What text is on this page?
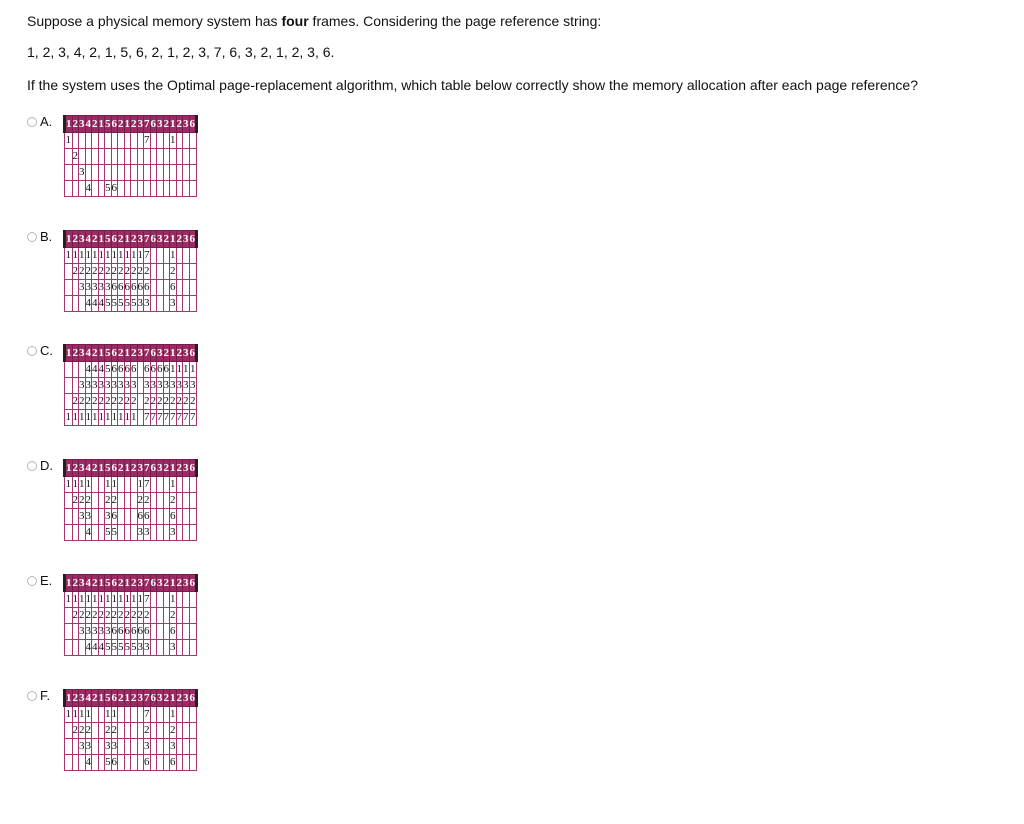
Suppose a physical memory system has four frames. Considering the page reference string:
1, 2, 3, 4, 2, 1, 5, 6, 2, 1, 2, 3, 7, 6, 3, 2, 1, 2, 3, 6.
If the system uses the Optimal page-replacement algorithm, which table below correctly show the memory allocation after each page reference?
A. 1	2	3	4	2	1	5	6	2	1	2	3	7	6	3	2	1	2	3	6
1												7				1			
	2																		
		3																	
			4			5	6												
B. 1	2	3	4	2	1	5	6	2	1	2	3	7	6	3	2	1	2	3	6
1	1	1	1	1	1	1	1	1	1	1	1	7				1			
	2	2	2	2	2	2	2	2	2	2	2	2				2			
		3	3	3	3	3	6	6	6	6	6	6				6			
			4	4	4	5	5	5	5	5	3	3				3			
C. 1	2	3	4	2	1	5	6	2	1	2	3	7	6	3	2	1	2	3	6
			4	4	4	5	6	6	6	6		6	6	6	6	1	1	1	1
		3	3	3	3	3	3	3	3	3		3	3	3	3	3	3	3	3
	2	2	2	2	2	2	2	2	2	2		2	2	2	2	2	2	2	2
1	1	1	1	1	1	1	1	1	1	1		7	7	7	7	7	7	7	7
D. 1	2	3	4	2	1	5	6	2	1	2	3	7	6	3	2	1	2	3	6
1	1	1	1			1	1				1	7				1			
	2	2	2			2	2				2	2				2			
		3	3			3	6				6	6				6			
			4			5	5				3	3				3			
E. 1	2	3	4	2	1	5	6	2	1	2	3	7	6	3	2	1	2	3	6
1	1	1	1	1	1	1	1	1	1	1	1	7				1			
	2	2	2	2	2	2	2	2	2	2	2	2				2			
		3	3	3	3	3	6	6	6	6	6	6				6			
			4	4	4	5	5	5	5	5	3	3				3			
F. 1	2	3	4	2	1	5	6	2	1	2	3	7	6	3	2	1	2	3	6
1	1	1	1			1	1					7				1			
	2	2	2			2	2					2				2			
		3	3			3	3					3				3			
			4			5	6					6				6			
